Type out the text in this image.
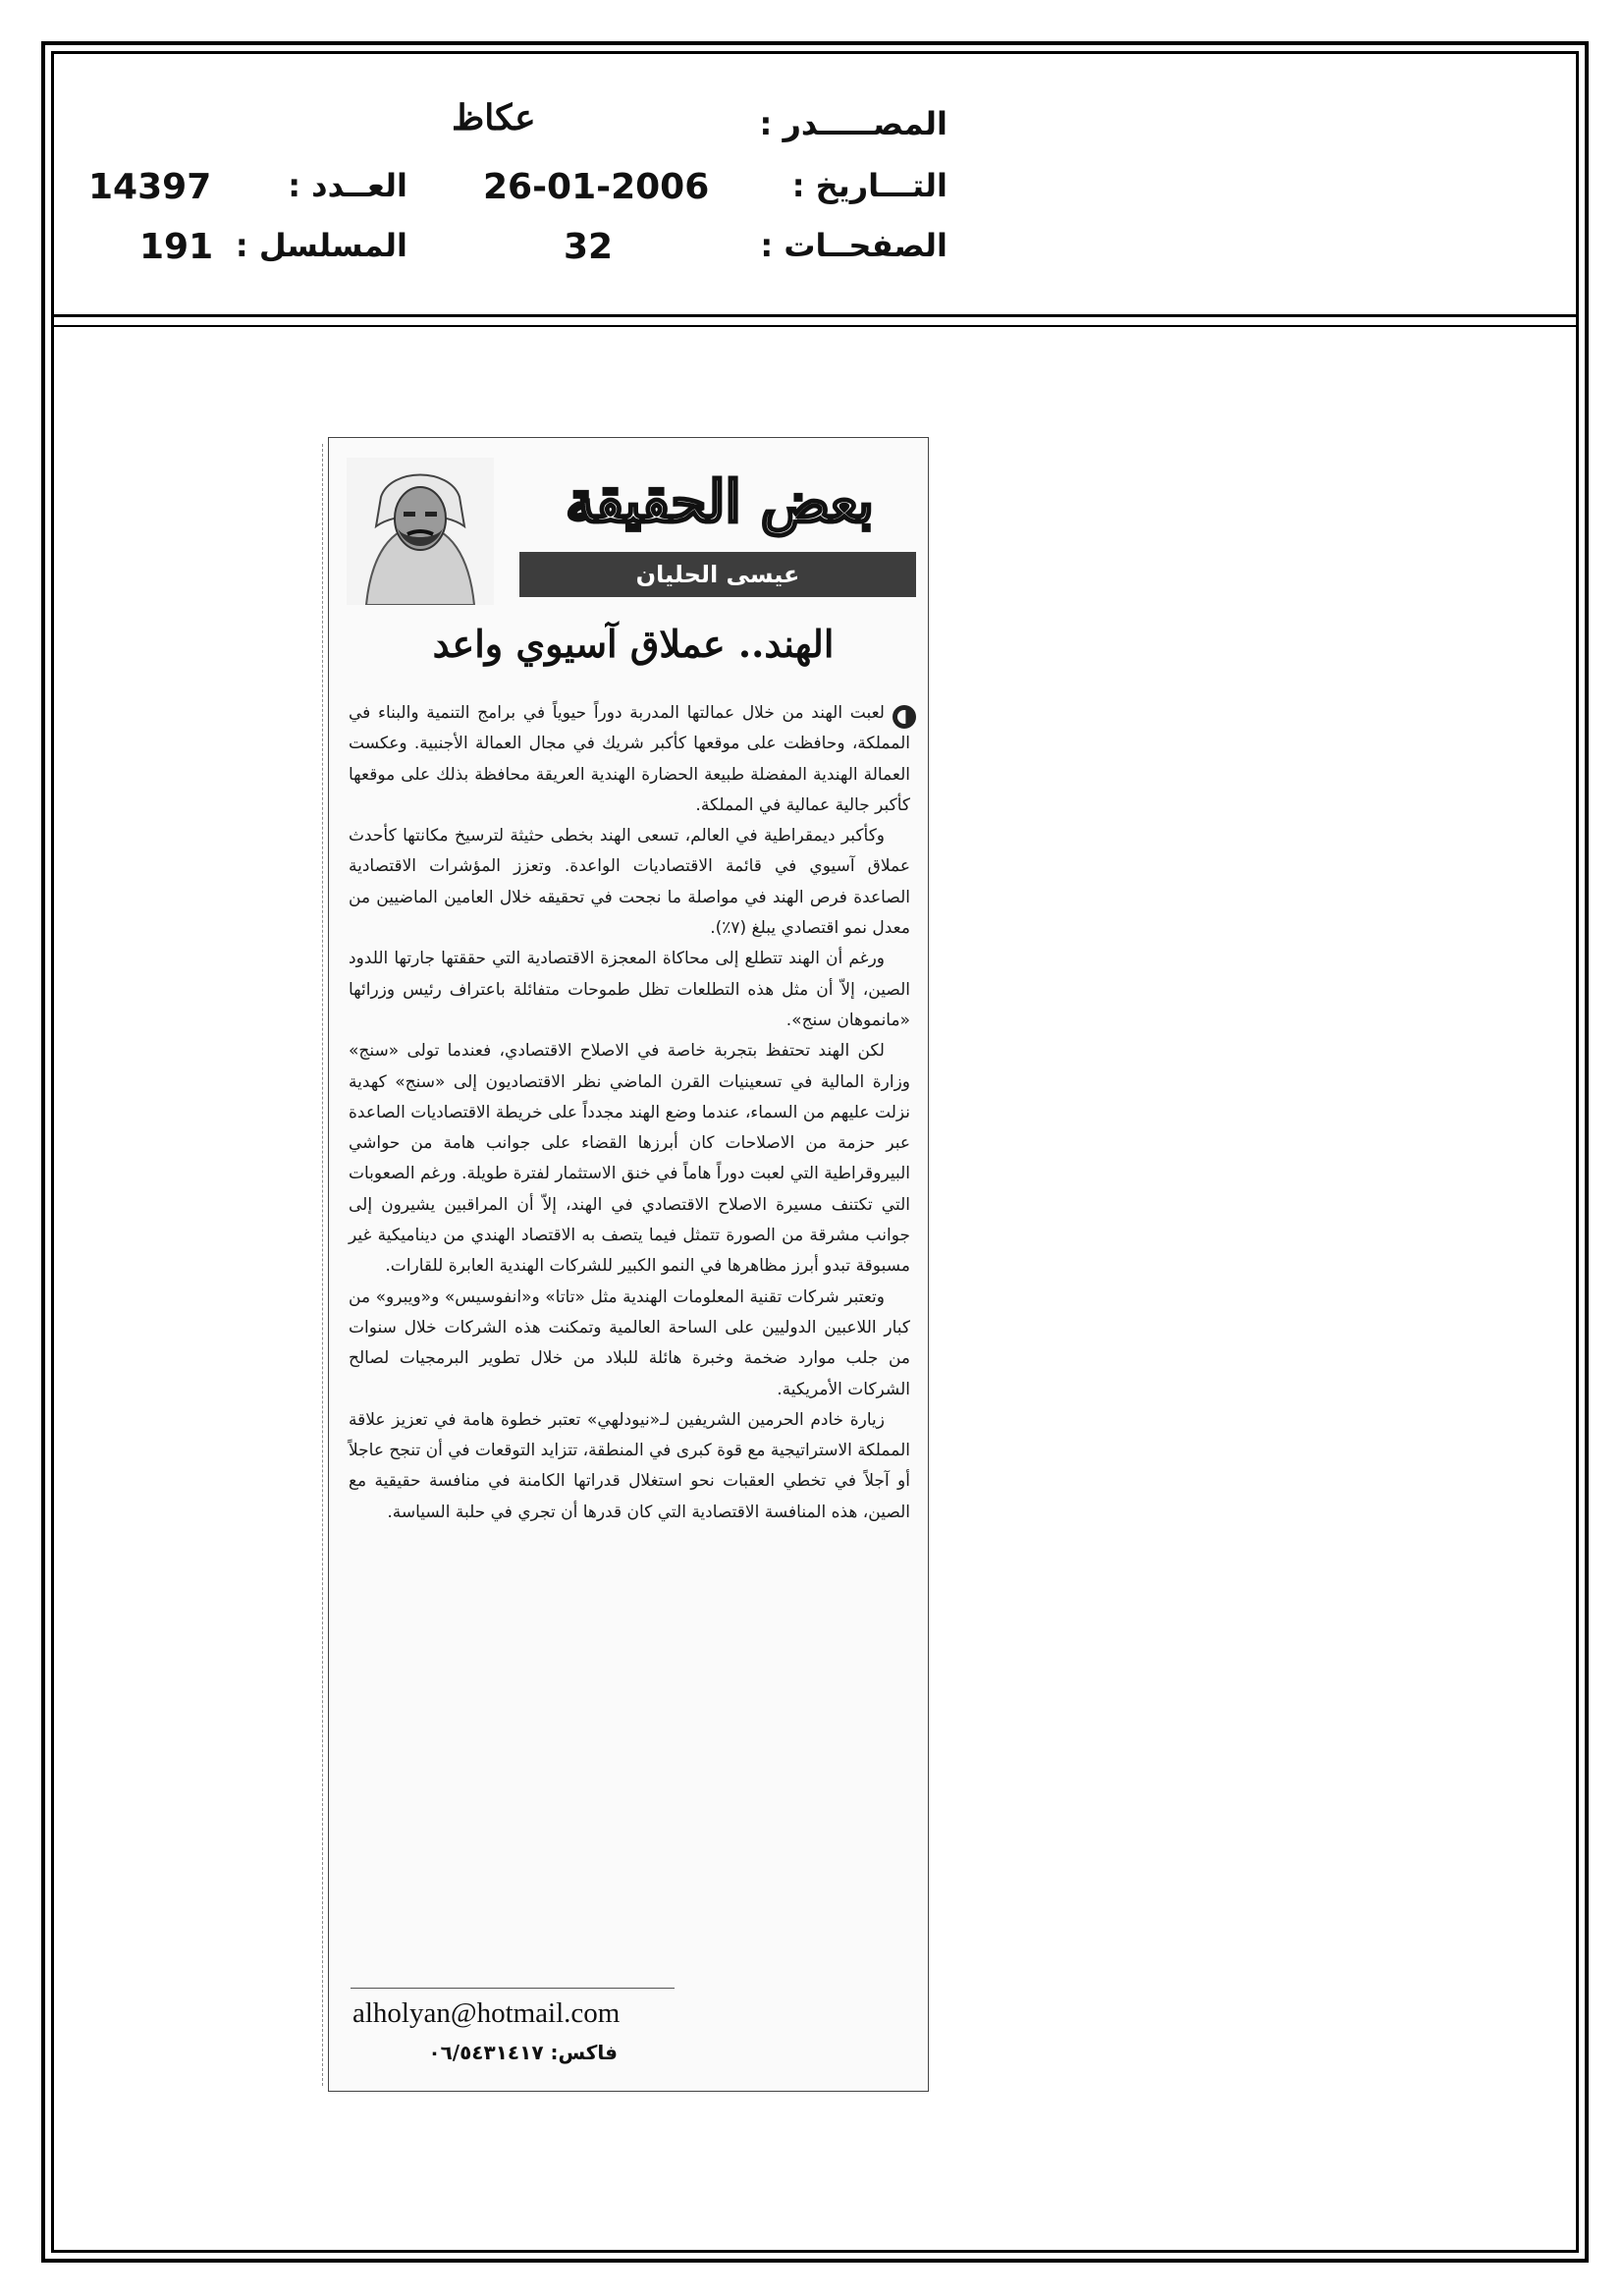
المصـــــدر :
عكاظ
التـــاريخ :
26-01-2006
العــدد :
14397
الصفحــات :
32
المسلسل :
191
بعض الحقيقة
عيسى الحليان
الهند.. عملاق آسيوي واعد

لعبت الهند من خلال عمالتها المدربة دوراً حيوياً في برامج التنمية والبناء في المملكة، وحافظت على موقعها كأكبر شريك في مجال العمالة الأجنبية. وعكست العمالة الهندية المفضلة طبيعة الحضارة الهندية العريقة محافظة بذلك على موقعها كأكبر جالية عمالية في المملكة.

وكأكبر ديمقراطية في العالم، تسعى الهند بخطى حثيثة لترسيخ مكانتها كأحدث عملاق آسيوي في قائمة الاقتصاديات الواعدة. وتعزز المؤشرات الاقتصادية الصاعدة فرص الهند في مواصلة ما نجحت في تحقيقه خلال العامين الماضيين من معدل نمو اقتصادي يبلغ (٧٪).

ورغم أن الهند تتطلع إلى محاكاة المعجزة الاقتصادية التي حققتها جارتها اللدود الصين، إلاّ أن مثل هذه التطلعات تظل طموحات متفائلة باعتراف رئيس وزرائها «مانموهان سنج».

لكن الهند تحتفظ بتجربة خاصة في الاصلاح الاقتصادي، فعندما تولى «سنج» وزارة المالية في تسعينيات القرن الماضي نظر الاقتصاديون إلى «سنج» كهدية نزلت عليهم من السماء، عندما وضع الهند مجدداً على خريطة الاقتصاديات الصاعدة عبر حزمة من الاصلاحات كان أبرزها القضاء على جوانب هامة من حواشي البيروقراطية التي لعبت دوراً هاماً في خنق الاستثمار لفترة طويلة. ورغم الصعوبات التي تكتنف مسيرة الاصلاح الاقتصادي في الهند، إلاّ أن المراقبين يشيرون إلى جوانب مشرقة من الصورة تتمثل فيما يتصف به الاقتصاد الهندي من ديناميكية غير مسبوقة تبدو أبرز مظاهرها في النمو الكبير للشركات الهندية العابرة للقارات.

وتعتبر شركات تقنية المعلومات الهندية مثل «تاتا» و«انفوسيس» و«ويبرو» من كبار اللاعبين الدوليين على الساحة العالمية وتمكنت هذه الشركات خلال سنوات من جلب موارد ضخمة وخبرة هائلة للبلاد من خلال تطوير البرمجيات لصالح الشركات الأمريكية.

زيارة خادم الحرمين الشريفين لـ«نيودلهي» تعتبر خطوة هامة في تعزيز علاقة المملكة الاستراتيجية مع قوة كبرى في المنطقة، تتزايد التوقعات في أن تنجح عاجلاً أو آجلاً في تخطي العقبات نحو استغلال قدراتها الكامنة في منافسة حقيقية مع الصين، هذه المنافسة الاقتصادية التي كان قدرها أن تجري في حلبة السياسة.

alholyan@hotmail.com
فاكس: ٠٦/٥٤٣١٤١٧
